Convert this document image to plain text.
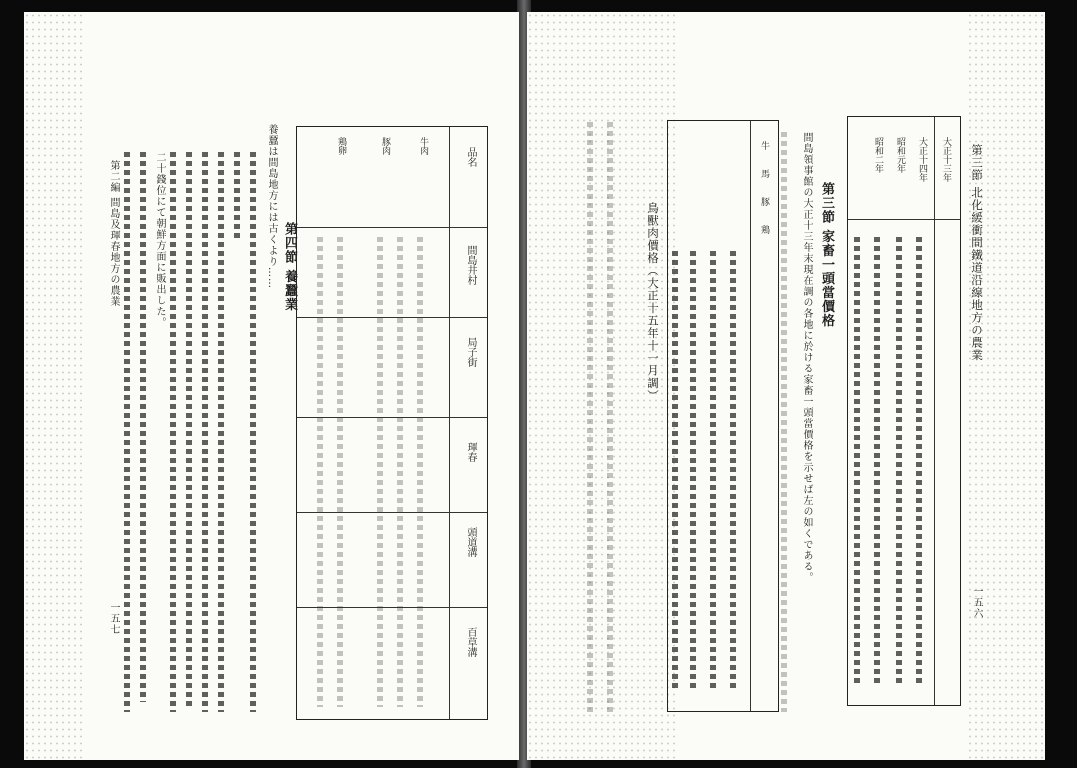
第二編 間島及琿春地方の農業
一五七
二十錢位にて朝鮮方面に販出した。	養蠶は間島地方には古くより…… 第四節 養蠶業
品名
間島井村
局子街
琿春
頭道溝
百草溝
牛肉
豚肉
鶏卵	第三節 北化緩衝間鐵道沿線地方の農業
一五六
大正十三年
大正十四年
昭和元年
昭和二年
第三節 家畜一頭當價格
間島領事館の大正十三年末現在調の各地に於ける家畜一頭當價格を示せば左の如くである。
牛
馬
豚
鶏
鳥獸肉價格（大正十五年十一月調）
